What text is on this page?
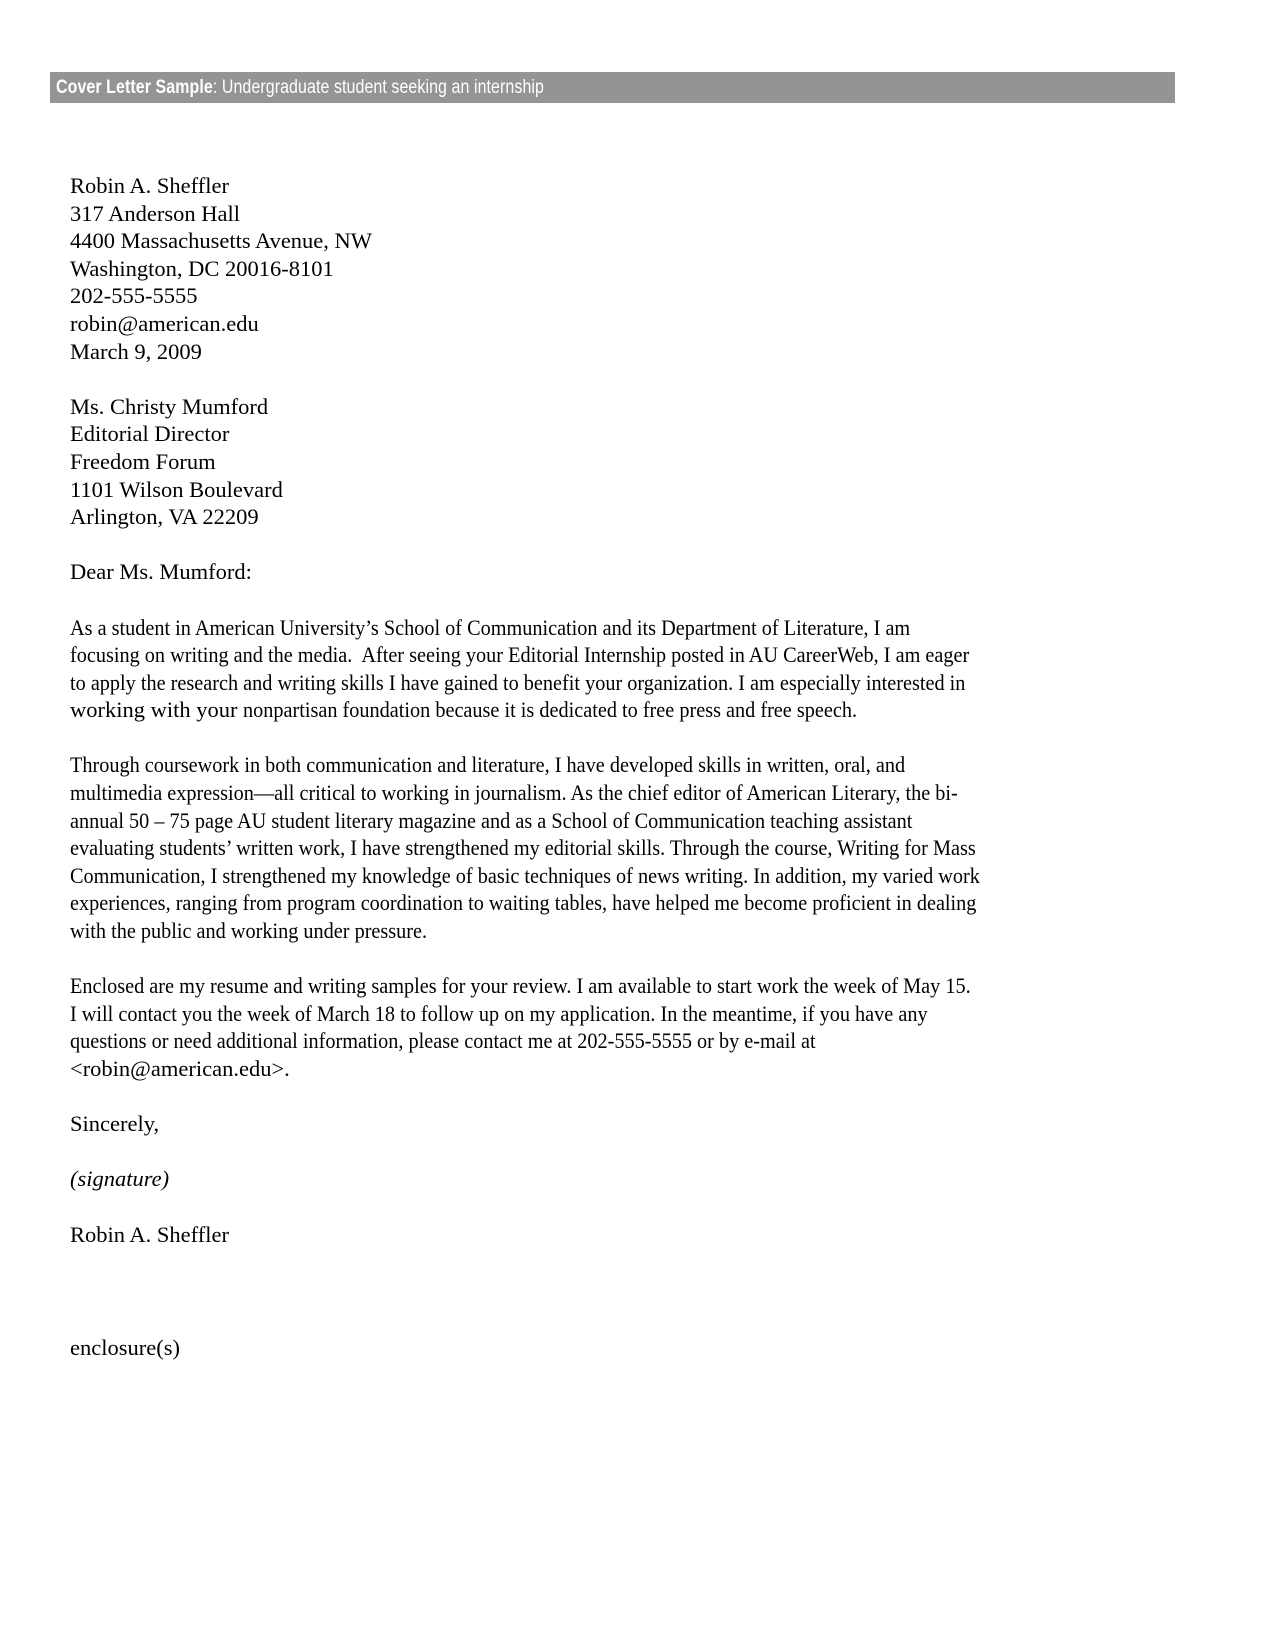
Cover Letter Sample: Undergraduate student seeking an internship
Robin A. Sheffler
317 Anderson Hall
4400 Massachusetts Avenue, NW
Washington, DC 20016-8101
202-555-5555
robin@american.edu
March 9, 2009
Ms. Christy Mumford
Editorial Director
Freedom Forum
1101 Wilson Boulevard
Arlington, VA 22209
Dear Ms. Mumford:
As a student in American University’s School of Communication and its Department of Literature, I am
focusing on writing and the media.  After seeing your Editorial Internship posted in AU CareerWeb, I am eager
to apply the research and writing skills I have gained to benefit your organization. I am especially interested in
working with your nonpartisan foundation because it is dedicated to free press and free speech.
Through coursework in both communication and literature, I have developed skills in written, oral, and
multimedia expression—all critical to working in journalism. As the chief editor of American Literary, the bi-
annual 50 – 75 page AU student literary magazine and as a School of Communication teaching assistant
evaluating students’ written work, I have strengthened my editorial skills. Through the course, Writing for Mass
Communication, I strengthened my knowledge of basic techniques of news writing. In addition, my varied work
experiences, ranging from program coordination to waiting tables, have helped me become proficient in dealing
with the public and working under pressure.
Enclosed are my resume and writing samples for your review. I am available to start work the week of May 15.
I will contact you the week of March 18 to follow up on my application. In the meantime, if you have any
questions or need additional information, please contact me at 202-555-5555 or by e-mail at
<robin@american.edu>.
Sincerely,
(signature)
Robin A. Sheffler
enclosure(s)
